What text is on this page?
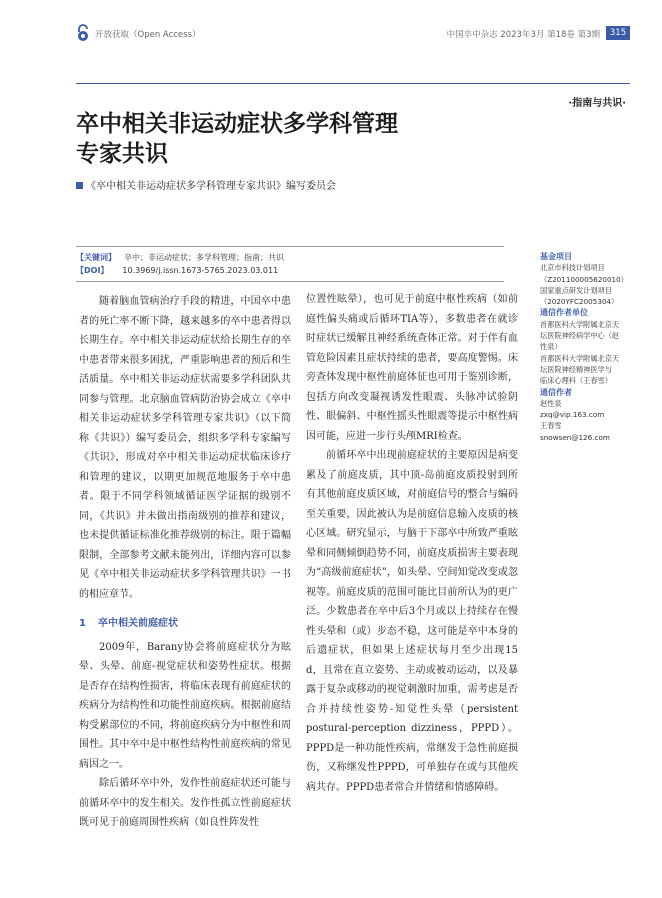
开放获取（Open Access）	中国卒中杂志 2023年3月 第18卷 第3期	315
·指南与共识·
卒中相关非运动症状多学科管理
专家共识
《卒中相关非运动症状多学科管理专家共识》编写委员会
【关键词】 卒中；非运动症状；多学科管理；指南；共识
【DOI】 10.3969/j.issn.1673-5765.2023.03.011

随着脑血管病治疗手段的精进，中国卒中患者的死亡率不断下降，越来越多的卒中患者得以长期生存。卒中相关非运动症状给长期生存的卒中患者带来很多困扰，严重影响患者的预后和生活质量。卒中相关非运动症状需要多学科团队共同参与管理。北京脑血管病防治协会成立《卒中相关非运动症状多学科管理专家共识》（以下简称《共识》）编写委员会，组织多学科专家编写《共识》，形成对卒中相关非运动症状临床诊疗和管理的建议，以期更加规范地服务于卒中患者。限于不同学科领域循证医学证据的级别不同，《共识》并未做出指南级别的推荐和建议，也未提供循证标准化推荐级别的标注。限于篇幅限制，全部参考文献未能列出，详细内容可以参见《卒中相关非运动症状多学科管理共识》一书的相应章节。

1 卒中相关前庭症状

2009年，Barany协会将前庭症状分为眩晕、头晕、前庭-视觉症状和姿势性症状。根据是否存在结构性损害，将临床表现有前庭症状的疾病分为结构性和功能性前庭疾病。根据前庭结构受累部位的不同，将前庭疾病分为中枢性和周围性。其中卒中是中枢性结构性前庭疾病的常见病因之一。

除后循环卒中外，发作性前庭症状还可能与前循环卒中的发生相关。发作性孤立性前庭症状既可见于前庭周围性疾病（如良性阵发性

位置性眩晕），也可见于前庭中枢性疾病（如前庭性偏头痛或后循环TIA等），多数患者在就诊时症状已缓解且神经系统查体正常。对于伴有血管危险因素且症状持续的患者，要高度警惕。床旁查体发现中枢性前庭体征也可用于鉴别诊断，包括方向改变凝视诱发性眼震、头脉冲试验阴性、眼偏斜、中枢性摇头性眼震等提示中枢性病因可能，应进一步行头颅MRI检查。

前循环卒中出现前庭症状的主要原因是病变累及了前庭皮质，其中顶-岛前庭皮质投射到所有其他前庭皮质区域，对前庭信号的整合与编码至关重要，因此被认为是前庭信息输入皮质的核心区域。研究显示，与脑干下部卒中所致严重眩晕和同侧倾倒趋势不同，前庭皮质损害主要表现为“高级前庭症状”，如头晕、空间知觉改变或忽视等。前庭皮质的范围可能比目前所认为的更广泛。少数患者在卒中后3个月或以上持续存在慢性头晕和（或）步态不稳，这可能是卒中本身的后遗症状，但如果上述症状每月至少出现15 d，且常在直立姿势、主动或被动运动，以及暴露于复杂或移动的视觉刺激时加重，需考虑是否合并持续性姿势-知觉性头晕（persistent postural-perception dizziness，PPPD）。PPPD是一种功能性疾病，常继发于急性前庭损伤，又称继发性PPPD，可单独存在或与其他疾病共存。PPPD患者常合并情绪和情感障碍。

基金项目
北京市科技计划项目
（Z201100005620010）
国家重点研发计划项目
（2020YFC2005304）
通信作者单位
首都医科大学附属北京天
坛医院神经病学中心（赵
性泉）
首都医科大学附属北京天
坛医院神经精神医学与
临床心理科（王春雪）
通信作者
赵性泉
zxq@vip.163.com
王春雪
snowsen@126.com
